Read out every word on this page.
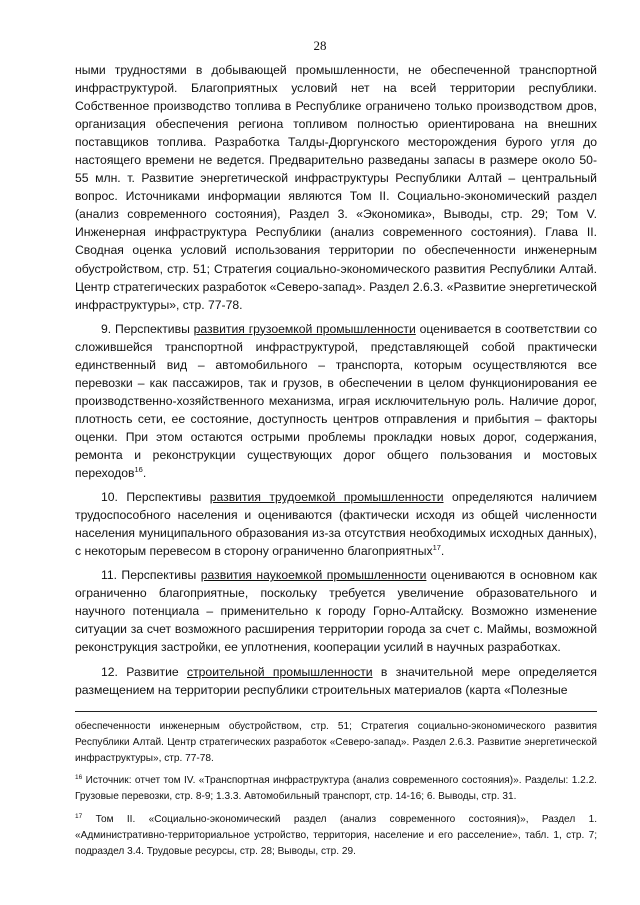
28

ными трудностями в добывающей промышленности, не обеспеченной транспортной инфраструктурой. Благоприятных условий нет на всей территории республики. Собственное производство топлива в Республике ограничено только производством дров, организация обеспечения региона топливом полностью ориентирована на внешних поставщиков топлива. Разработка Талды-Дюргунского месторождения бурого угля до настоящего времени не ведется. Предварительно разведаны запасы в размере около 50-55 млн. т. Развитие энергетической инфраструктуры Республики Алтай – центральный вопрос. Источниками информации являются Том II. Социально-экономический раздел (анализ современного состояния), Раздел 3. «Экономика», Выводы, стр. 29; Том V. Инженерная инфраструктура Республики (анализ современного состояния). Глава II. Сводная оценка условий использования территории по обеспеченности инженерным обустройством, стр. 51; Стратегия социально-экономического развития Республики Алтай. Центр стратегических разработок «Северо-запад». Раздел 2.6.3. «Развитие энергетической инфраструктуры», стр. 77-78.

9. Перспективы развития грузоемкой промышленности оценивается в соответствии со сложившейся транспортной инфраструктурой, представляющей собой практически единственный вид – автомобильного – транспорта, которым осуществляются все перевозки – как пассажиров, так и грузов, в обеспечении в целом функционирования ее производственно-хозяйственного механизма, играя исключительную роль. Наличие дорог, плотность сети, ее состояние, доступность центров отправления и прибытия – факторы оценки. При этом остаются острыми проблемы прокладки новых дорог, содержания, ремонта и реконструкции существующих дорог общего пользования и мостовых переходов$^{16}$.

10. Перспективы развития трудоемкой промышленности определяются наличием трудоспособного населения и оцениваются (фактически исходя из общей численности населения муниципального образования из-за отсутствия необходимых исходных данных), с некоторым перевесом в сторону ограниченно благоприятных$^{17}$.

11. Перспективы развития наукоемкой промышленности оцениваются в основном как ограниченно благоприятные, поскольку требуется увеличение образовательного и научного потенциала – применительно к городу Горно-Алтайску. Возможно изменение ситуации за счет возможного расширения территории города за счет с. Маймы, возможной реконструкция застройки, ее уплотнения, кооперации усилий в научных разработках.

12. Развитие строительной промышленности в значительной мере определяется размещением на территории республики строительных материалов (карта «Полезные

обеспеченности инженерным обустройством, стр. 51; Стратегия социально-экономического развития Республики Алтай. Центр стратегических разработок «Северо-запад». Раздел 2.6.3. Развитие энергетической инфраструктуры», стр. 77-78.

$^{16}$ Источник: отчет том IV. «Транспортная инфраструктура (анализ современного состояния)». Разделы: 1.2.2. Грузовые перевозки, стр. 8-9; 1.3.3. Автомобильный транспорт, стр. 14-16; 6. Выводы, стр. 31.

$^{17}$ Том II. «Социально-экономический раздел (анализ современного состояния)», Раздел 1. «Административно-территориальное устройство, территория, население и его расселение», табл. 1, стр. 7; подраздел 3.4. Трудовые ресурсы, стр. 28; Выводы, стр. 29.
